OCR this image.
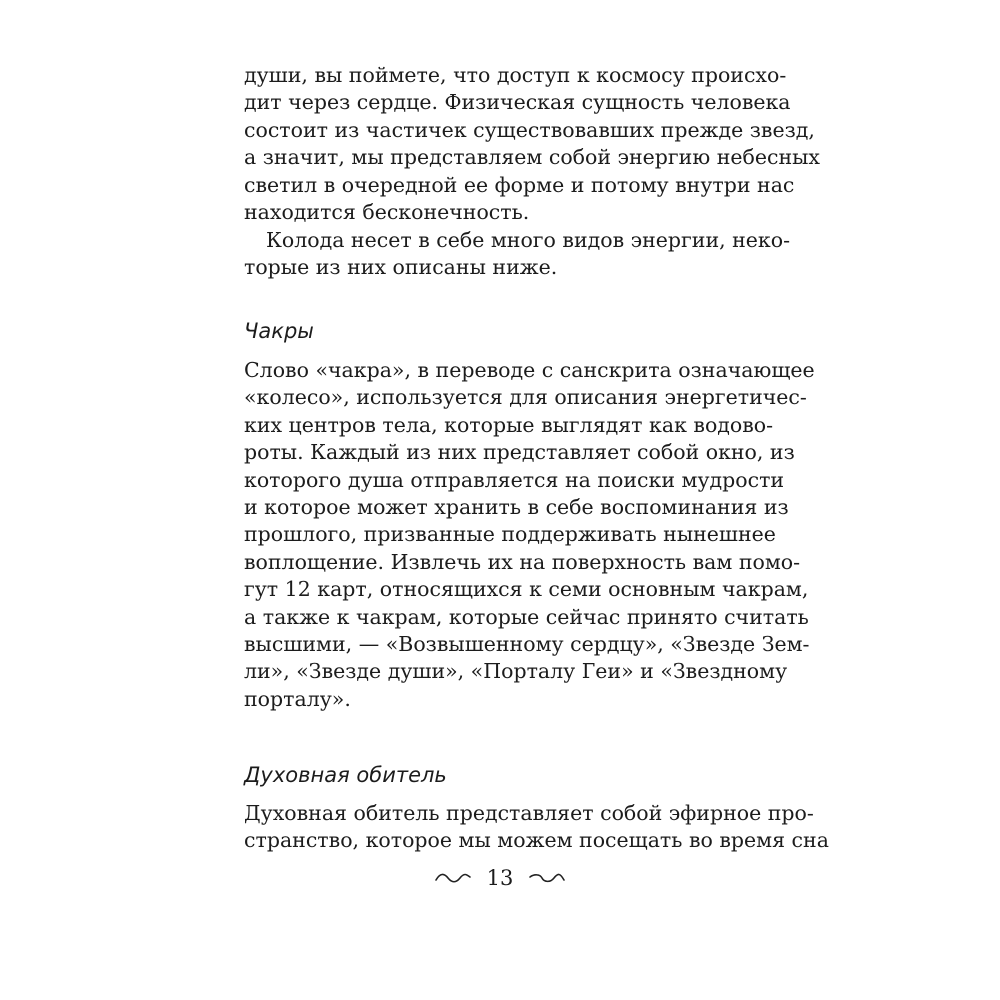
души, вы поймете, что доступ к космосу происхо-
дит через сердце. Физическая сущность человека
состоит из частичек существовавших прежде звезд,
а значит, мы представляем собой энергию небесных
светил в очередной ее форме и потому внутри нас
находится бесконечность.
Колода несет в себе много видов энергии, неко-
торые из них описаны ниже.
Чакры
Слово «чакра», в переводе с санскрита означающее
«колесо», используется для описания энергетичес-
ких центров тела, которые выглядят как водово-
роты. Каждый из них представляет собой окно, из
которого душа отправляется на поиски мудрости
и которое может хранить в себе воспоминания из
прошлого, призванные поддерживать нынешнее
воплощение. Извлечь их на поверхность вам помо-
гут 12 карт, относящихся к семи основным чакрам,
а также к чакрам, которые сейчас принято считать
высшими, — «Возвышенному сердцу», «Звезде Зем-
ли», «Звезде души», «Порталу Геи» и «Звездному
порталу».
Духовная обитель
Духовная обитель представляет собой эфирное про-
странство, которое мы можем посещать во время сна
13
